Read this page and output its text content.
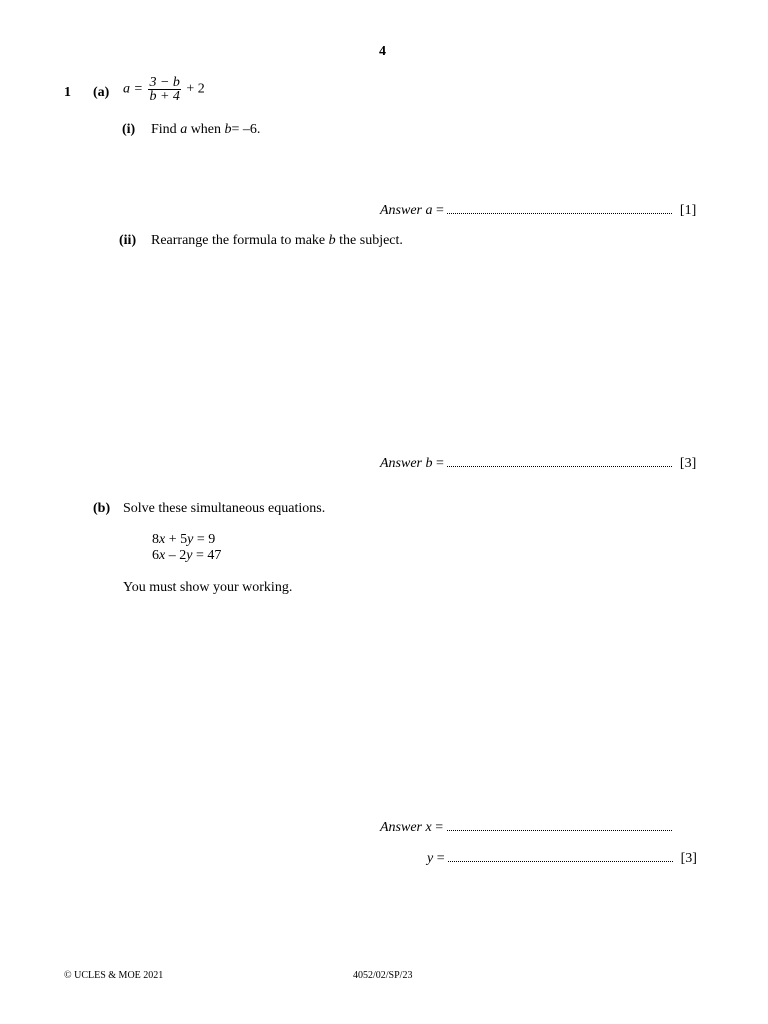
4
1 (a) $a = \frac{3 - b}{b + 4} + 2$
(i) Find a when b= –6.
Answer a =	[1]
(ii) Rearrange the formula to make b the subject.
Answer b =	[3]
(b) Solve these simultaneous equations.
8x + 5y = 9
6x – 2y = 47
You must show your working.
Answer x =
y =	[3]
© UCLES & MOE 2021	4052/02/SP/23
